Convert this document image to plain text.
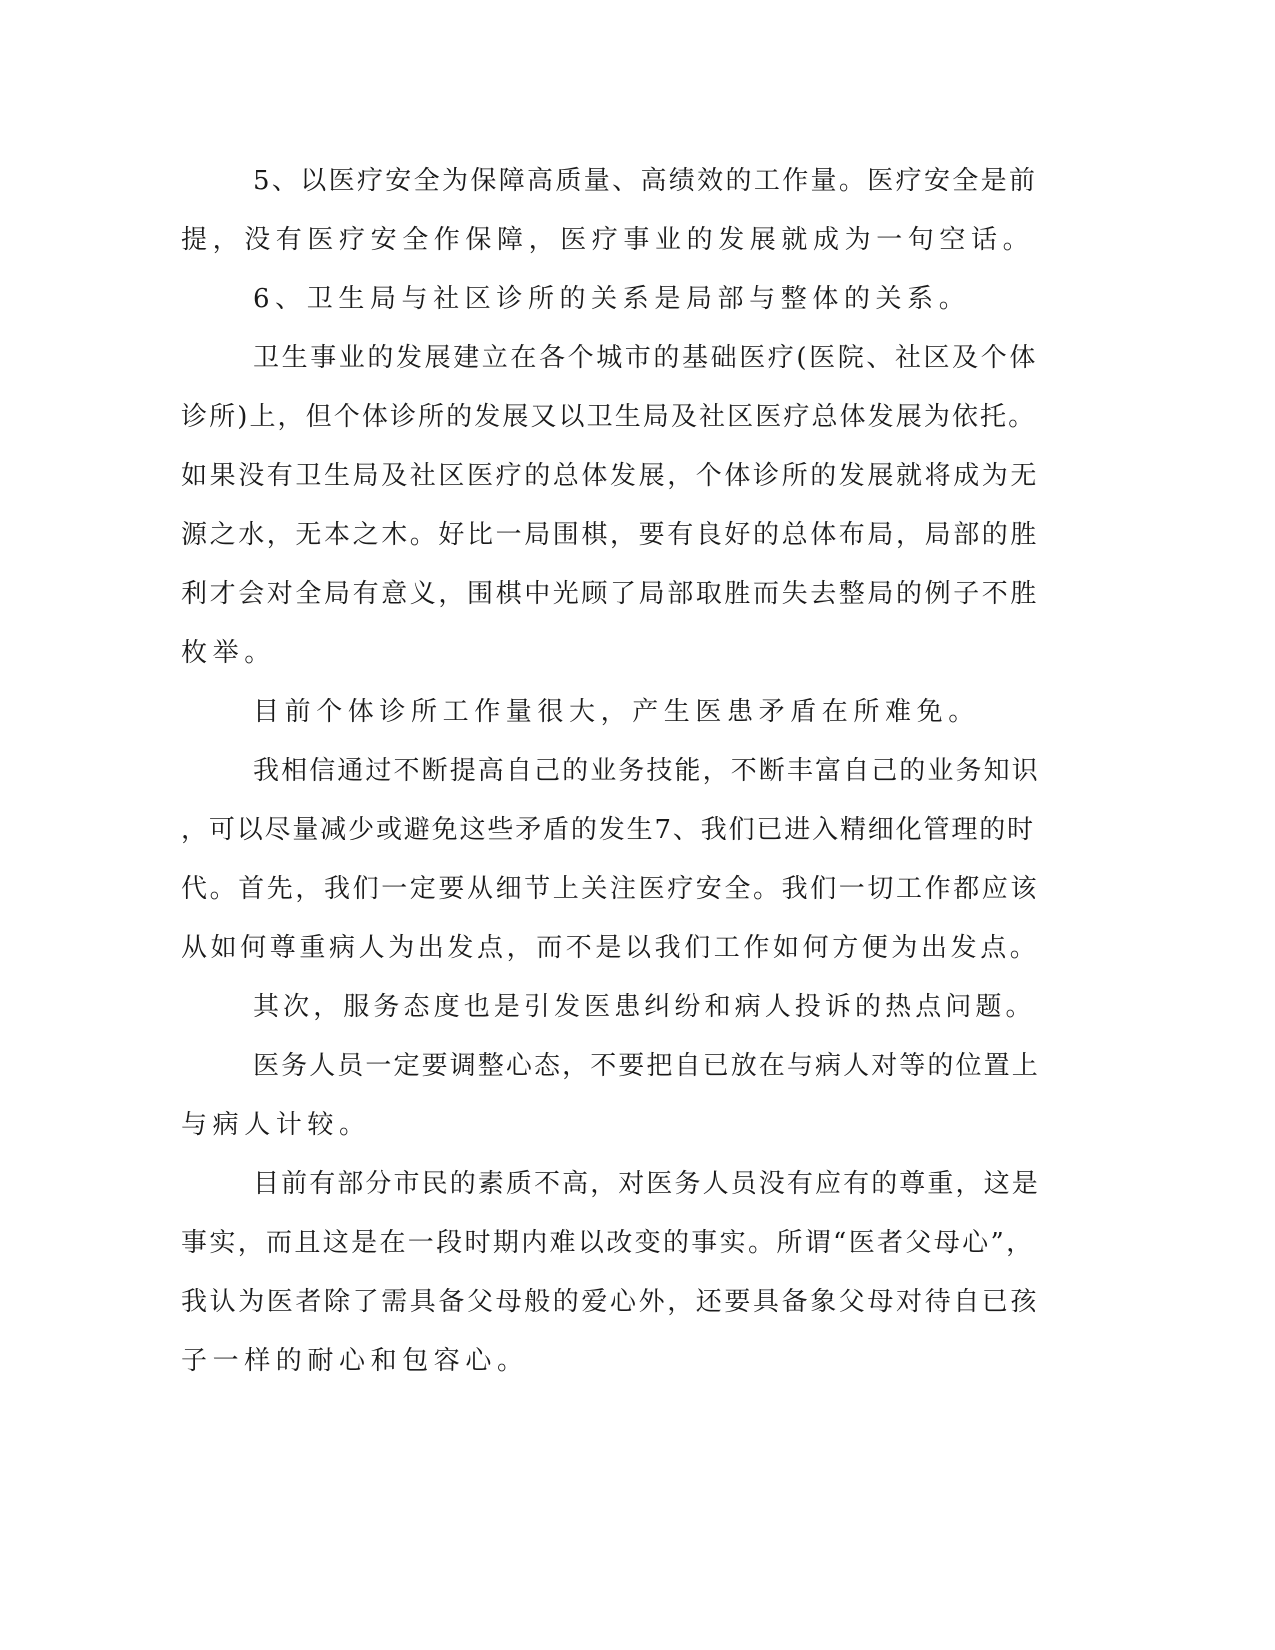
5、以医疗安全为保障高质量、高绩效的工作量。医疗安全是前
提，没有医疗安全作保障，医疗事业的发展就成为一句空话。
6、卫生局与社区诊所的关系是局部与整体的关系。
卫生事业的发展建立在各个城市的基础医疗(医院、社区及个体
诊所)上，但个体诊所的发展又以卫生局及社区医疗总体发展为依托。
如果没有卫生局及社区医疗的总体发展，个体诊所的发展就将成为无
源之水，无本之木。好比一局围棋，要有良好的总体布局，局部的胜
利才会对全局有意义，围棋中光顾了局部取胜而失去整局的例子不胜
枚举。
目前个体诊所工作量很大，产生医患矛盾在所难免。
我相信通过不断提高自己的业务技能，不断丰富自己的业务知识
，可以尽量减少或避免这些矛盾的发生7、我们已进入精细化管理的时
代。首先，我们一定要从细节上关注医疗安全。我们一切工作都应该
从如何尊重病人为出发点，而不是以我们工作如何方便为出发点。
其次，服务态度也是引发医患纠纷和病人投诉的热点问题。
医务人员一定要调整心态，不要把自已放在与病人对等的位置上
与病人计较。
目前有部分市民的素质不高，对医务人员没有应有的尊重，这是
事实，而且这是在一段时期内难以改变的事实。所谓“医者父母心”，
我认为医者除了需具备父母般的爱心外，还要具备象父母对待自已孩
子一样的耐心和包容心。
